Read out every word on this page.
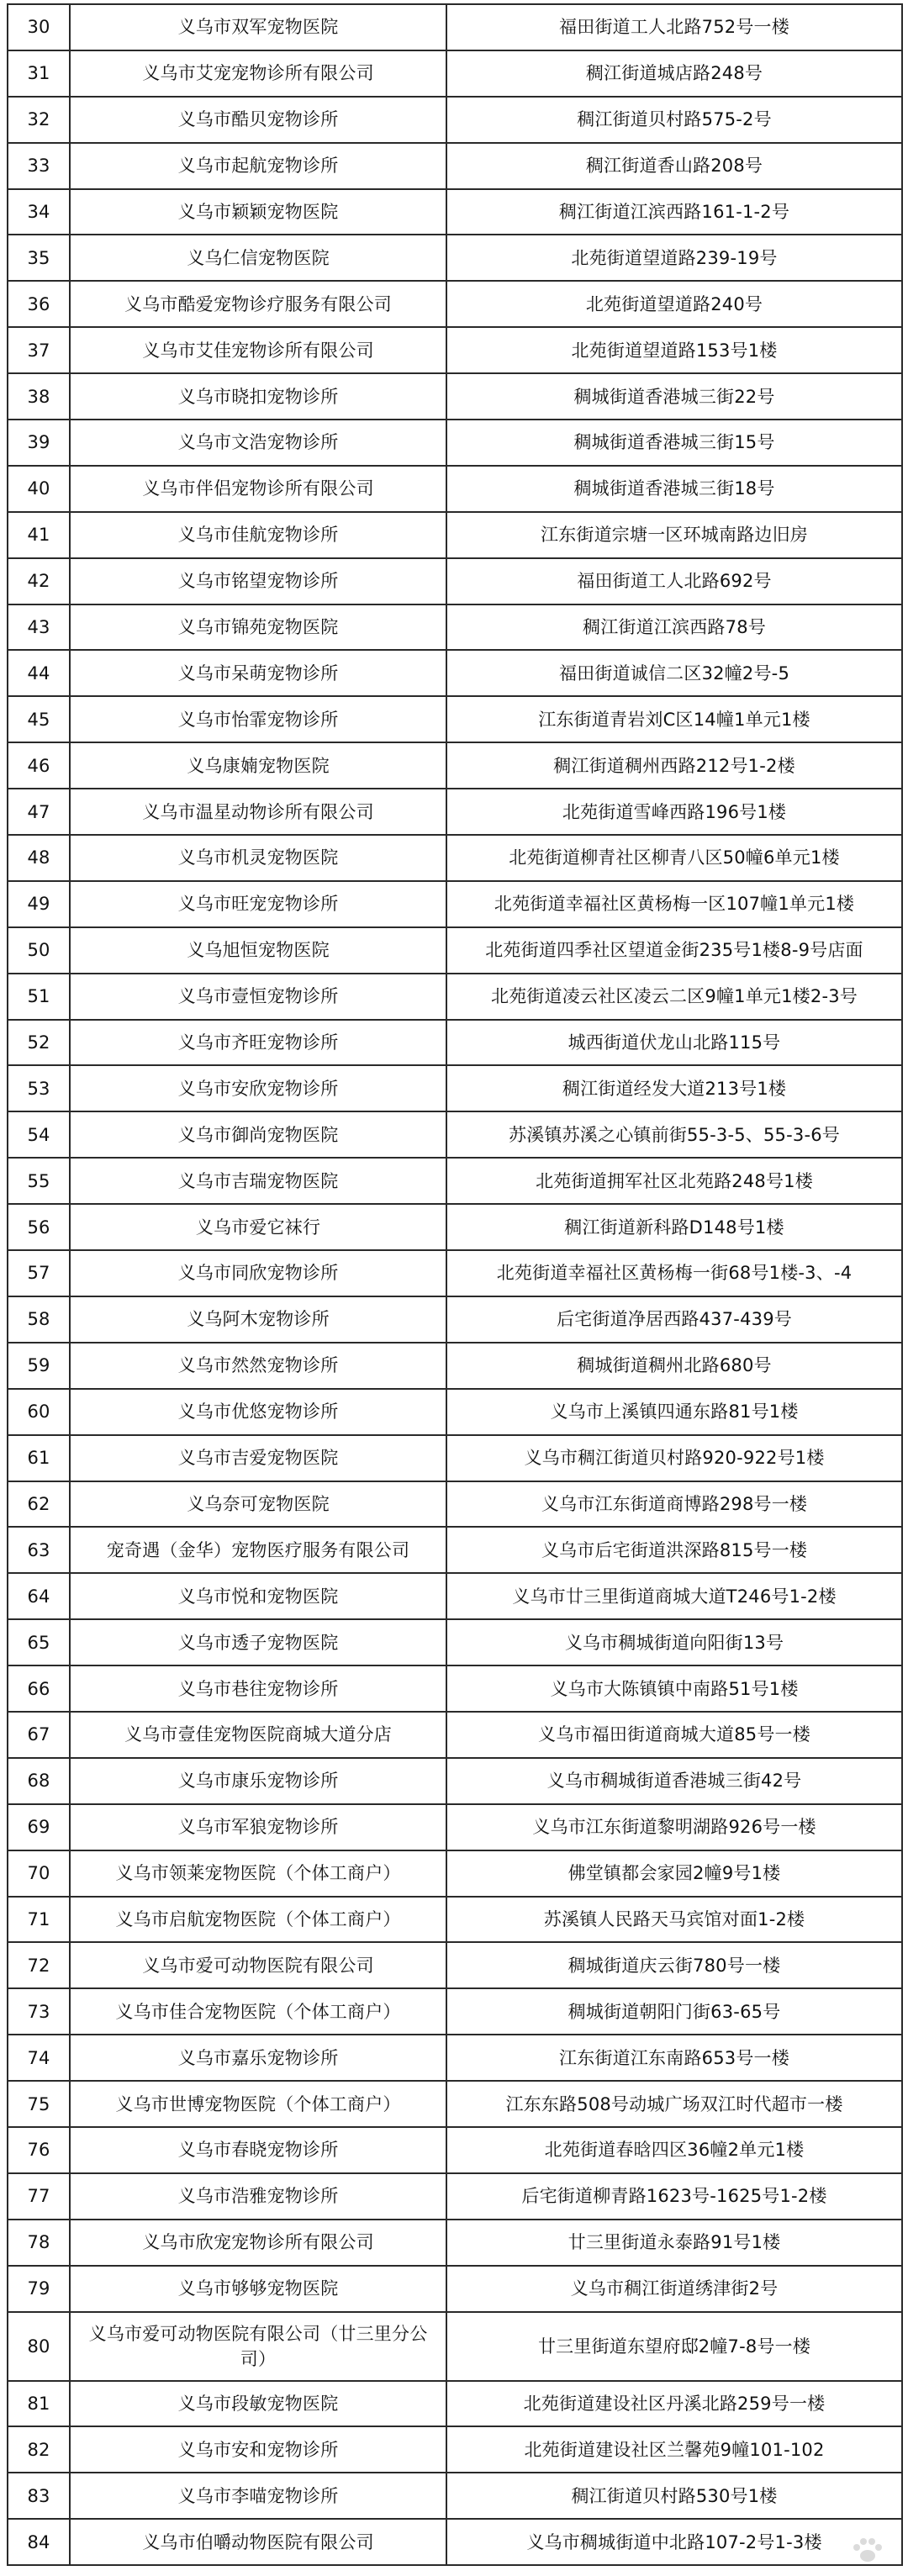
30	义乌市双军宠物医院	福田街道工人北路752号一楼
31	义乌市艾宠宠物诊所有限公司	稠江街道城店路248号
32	义乌市酷贝宠物诊所	稠江街道贝村路575-2号
33	义乌市起航宠物诊所	稠江街道香山路208号
34	义乌市颖颖宠物医院	稠江街道江滨西路161-1-2号
35	义乌仁信宠物医院	北苑街道望道路239-19号
36	义乌市酷爱宠物诊疗服务有限公司	北苑街道望道路240号
37	义乌市艾佳宠物诊所有限公司	北苑街道望道路153号1楼
38	义乌市晓扣宠物诊所	稠城街道香港城三街22号
39	义乌市文浩宠物诊所	稠城街道香港城三街15号
40	义乌市伴侣宠物诊所有限公司	稠城街道香港城三街18号
41	义乌市佳航宠物诊所	江东街道宗塘一区环城南路边旧房
42	义乌市铭望宠物诊所	福田街道工人北路692号
43	义乌市锦苑宠物医院	稠江街道江滨西路78号
44	义乌市呆萌宠物诊所	福田街道诚信二区32幢2号-5
45	义乌市怡霏宠物诊所	江东街道青岩刘C区14幢1单元1楼
46	义乌康婻宠物医院	稠江街道稠州西路212号1-2楼
47	义乌市温星动物诊所有限公司	北苑街道雪峰西路196号1楼
48	义乌市机灵宠物医院	北苑街道柳青社区柳青八区50幢6单元1楼
49	义乌市旺宠宠物诊所	北苑街道幸福社区黄杨梅一区107幢1单元1楼
50	义乌旭恒宠物医院	北苑街道四季社区望道金街235号1楼8-9号店面
51	义乌市壹恒宠物诊所	北苑街道凌云社区凌云二区9幢1单元1楼2-3号
52	义乌市齐旺宠物诊所	城西街道伏龙山北路115号
53	义乌市安欣宠物诊所	稠江街道经发大道213号1楼
54	义乌市御尚宠物医院	苏溪镇苏溪之心镇前街55-3-5、55-3-6号
55	义乌市吉瑞宠物医院	北苑街道拥军社区北苑路248号1楼
56	义乌市爱它袜行	稠江街道新科路D148号1楼
57	义乌市同欣宠物诊所	北苑街道幸福社区黄杨梅一街68号1楼-3、-4
58	义乌阿木宠物诊所	后宅街道净居西路437-439号
59	义乌市然然宠物诊所	稠城街道稠州北路680号
60	义乌市优悠宠物诊所	义乌市上溪镇四通东路81号1楼
61	义乌市吉爱宠物医院	义乌市稠江街道贝村路920-922号1楼
62	义乌奈可宠物医院	义乌市江东街道商博路298号一楼
63	宠奇遇（金华）宠物医疗服务有限公司	义乌市后宅街道洪深路815号一楼
64	义乌市悦和宠物医院	义乌市廿三里街道商城大道T246号1-2楼
65	义乌市透子宠物医院	义乌市稠城街道向阳街13号
66	义乌市巷往宠物诊所	义乌市大陈镇镇中南路51号1楼
67	义乌市壹佳宠物医院商城大道分店	义乌市福田街道商城大道85号一楼
68	义乌市康乐宠物诊所	义乌市稠城街道香港城三街42号
69	义乌市军狼宠物诊所	义乌市江东街道黎明湖路926号一楼
70	义乌市领莱宠物医院（个体工商户）	佛堂镇都会家园2幢9号1楼
71	义乌市启航宠物医院（个体工商户）	苏溪镇人民路天马宾馆对面1-2楼
72	义乌市爱可动物医院有限公司	稠城街道庆云街780号一楼
73	义乌市佳合宠物医院（个体工商户）	稠城街道朝阳门街63-65号
74	义乌市嘉乐宠物诊所	江东街道江东南路653号一楼
75	义乌市世博宠物医院（个体工商户）	江东东路508号动城广场双江时代超市一楼
76	义乌市春晓宠物诊所	北苑街道春晗四区36幢2单元1楼
77	义乌市浩雅宠物诊所	后宅街道柳青路1623号-1625号1-2楼
78	义乌市欣宠宠物诊所有限公司	廿三里街道永泰路91号1楼
79	义乌市够够宠物医院	义乌市稠江街道绣津街2号
80	义乌市爱可动物医院有限公司（廿三里分公司）	廿三里街道东望府邸2幢7-8号一楼
81	义乌市段敏宠物医院	北苑街道建设社区丹溪北路259号一楼
82	义乌市安和宠物诊所	北苑街道建设社区兰馨苑9幢101-102
83	义乌市李喵宠物诊所	稠江街道贝村路530号1楼
84	义乌市伯嚼动物医院有限公司	义乌市稠城街道中北路107-2号1-3楼
